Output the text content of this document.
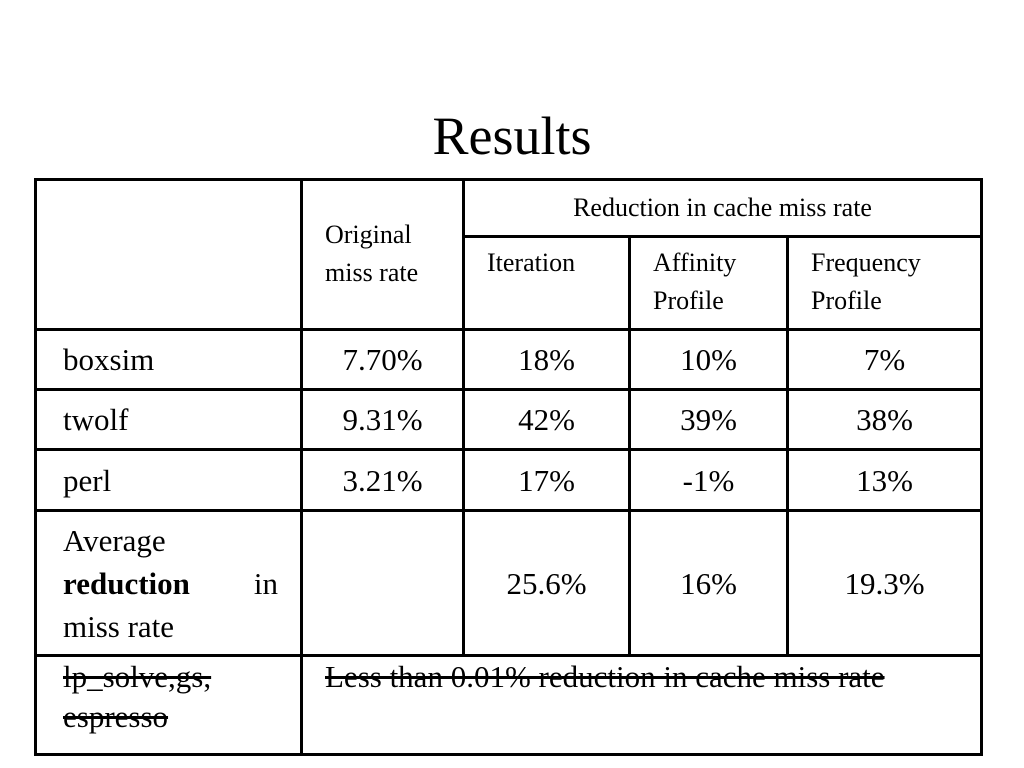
Results
	Original miss rate	Reduction in cache miss rate		
		Iteration	Affinity Profile	Frequency Profile
boxsim	7.70%	18%	10%	7%
twolf	9.31%	42%	39%	38%
perl	3.21%	17%	-1%	13%
Average reduction in miss rate		25.6%	16%	19.3%
lp_solve,gs, espresso	Less than 0.01% reduction in cache miss rate			
